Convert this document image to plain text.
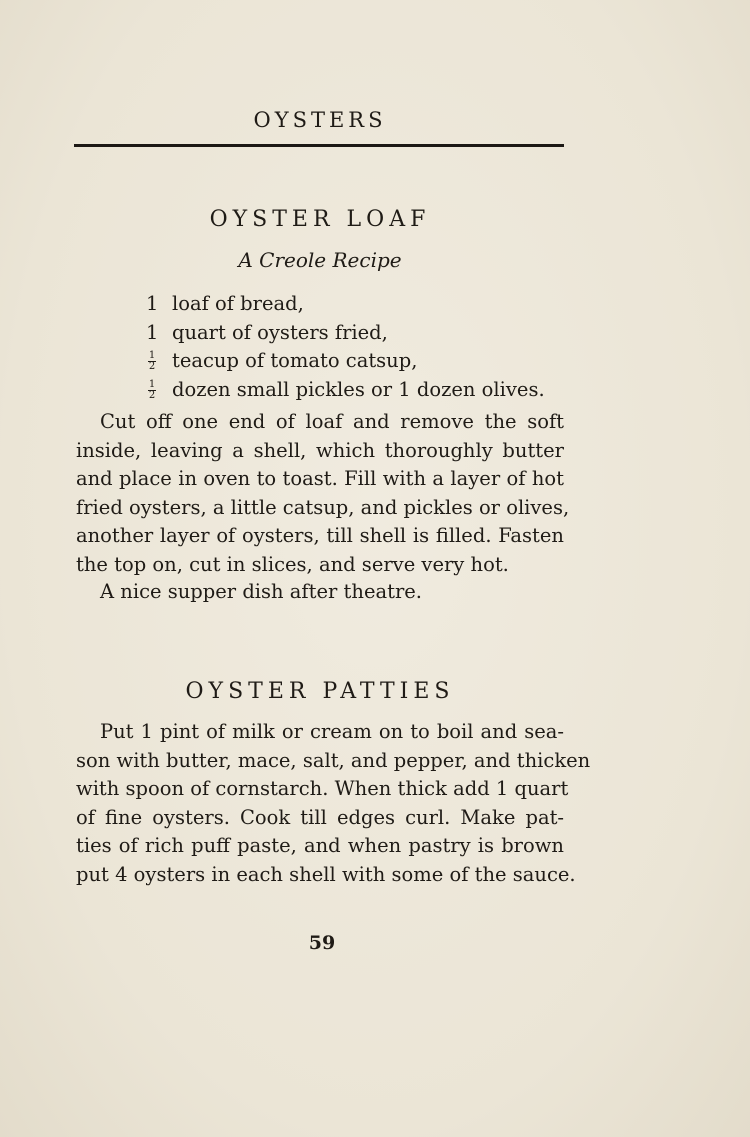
OYSTERS
OYSTER LOAF
A Creole Recipe
1 loaf of bread,
1 quart of oysters fried,
$\frac{1}{2}$ teacup of tomato catsup,
$\frac{1}{2}$ dozen small pickles or 1 dozen olives.
Cut off one end of loaf and remove the soft
inside, leaving a shell, which thoroughly butter
and place in oven to toast. Fill with a layer of hot
fried oysters, a little catsup, and pickles or olives,
another layer of oysters, till shell is filled. Fasten
the top on, cut in slices, and serve very hot.
A nice supper dish after theatre.
OYSTER PATTIES
Put 1 pint of milk or cream on to boil and sea-
son with butter, mace, salt, and pepper, and thicken
with spoon of cornstarch. When thick add 1 quart
of fine oysters. Cook till edges curl. Make pat-
ties of rich puff paste, and when pastry is brown
put 4 oysters in each shell with some of the sauce.
59
